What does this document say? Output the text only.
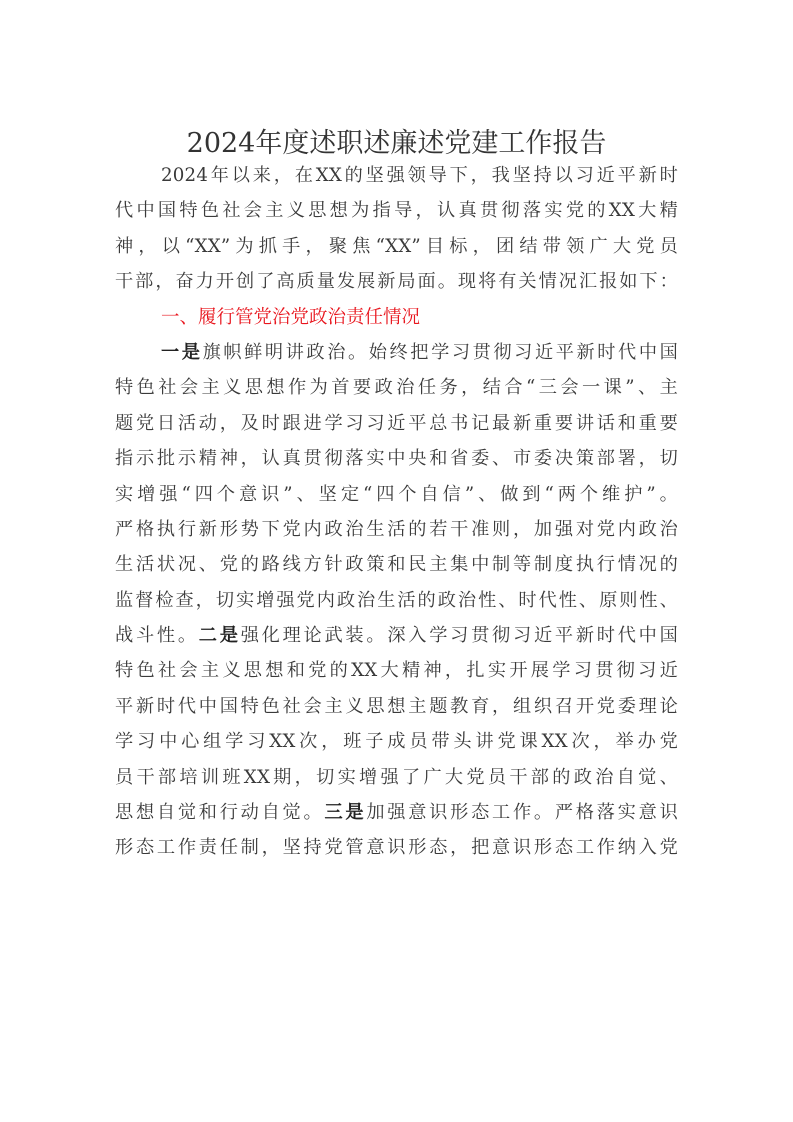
2024年度述职述廉述党建工作报告
2024年以来，在XX的坚强领导下，我坚持以习近平新时
代中国特色社会主义思想为指导，认真贯彻落实党的XX大精
神，以“XX”为抓手，聚焦“XX”目标，团结带领广大党员
干部，奋力开创了高质量发展新局面。现将有关情况汇报如下：
一、履行管党治党政治责任情况
一是旗帜鲜明讲政治。始终把学习贯彻习近平新时代中国
特色社会主义思想作为首要政治任务，结合“三会一课”、主
题党日活动，及时跟进学习习近平总书记最新重要讲话和重要
指示批示精神，认真贯彻落实中央和省委、市委决策部署，切
实增强“四个意识”、坚定“四个自信”、做到“两个维护”。
严格执行新形势下党内政治生活的若干准则，加强对党内政治
生活状况、党的路线方针政策和民主集中制等制度执行情况的
监督检查，切实增强党内政治生活的政治性、时代性、原则性、
战斗性。二是强化理论武装。深入学习贯彻习近平新时代中国
特色社会主义思想和党的XX大精神，扎实开展学习贯彻习近
平新时代中国特色社会主义思想主题教育，组织召开党委理论
学习中心组学习XX次，班子成员带头讲党课XX次，举办党
员干部培训班XX期，切实增强了广大党员干部的政治自觉、
思想自觉和行动自觉。三是加强意识形态工作。严格落实意识
形态工作责任制，坚持党管意识形态，把意识形态工作纳入党
